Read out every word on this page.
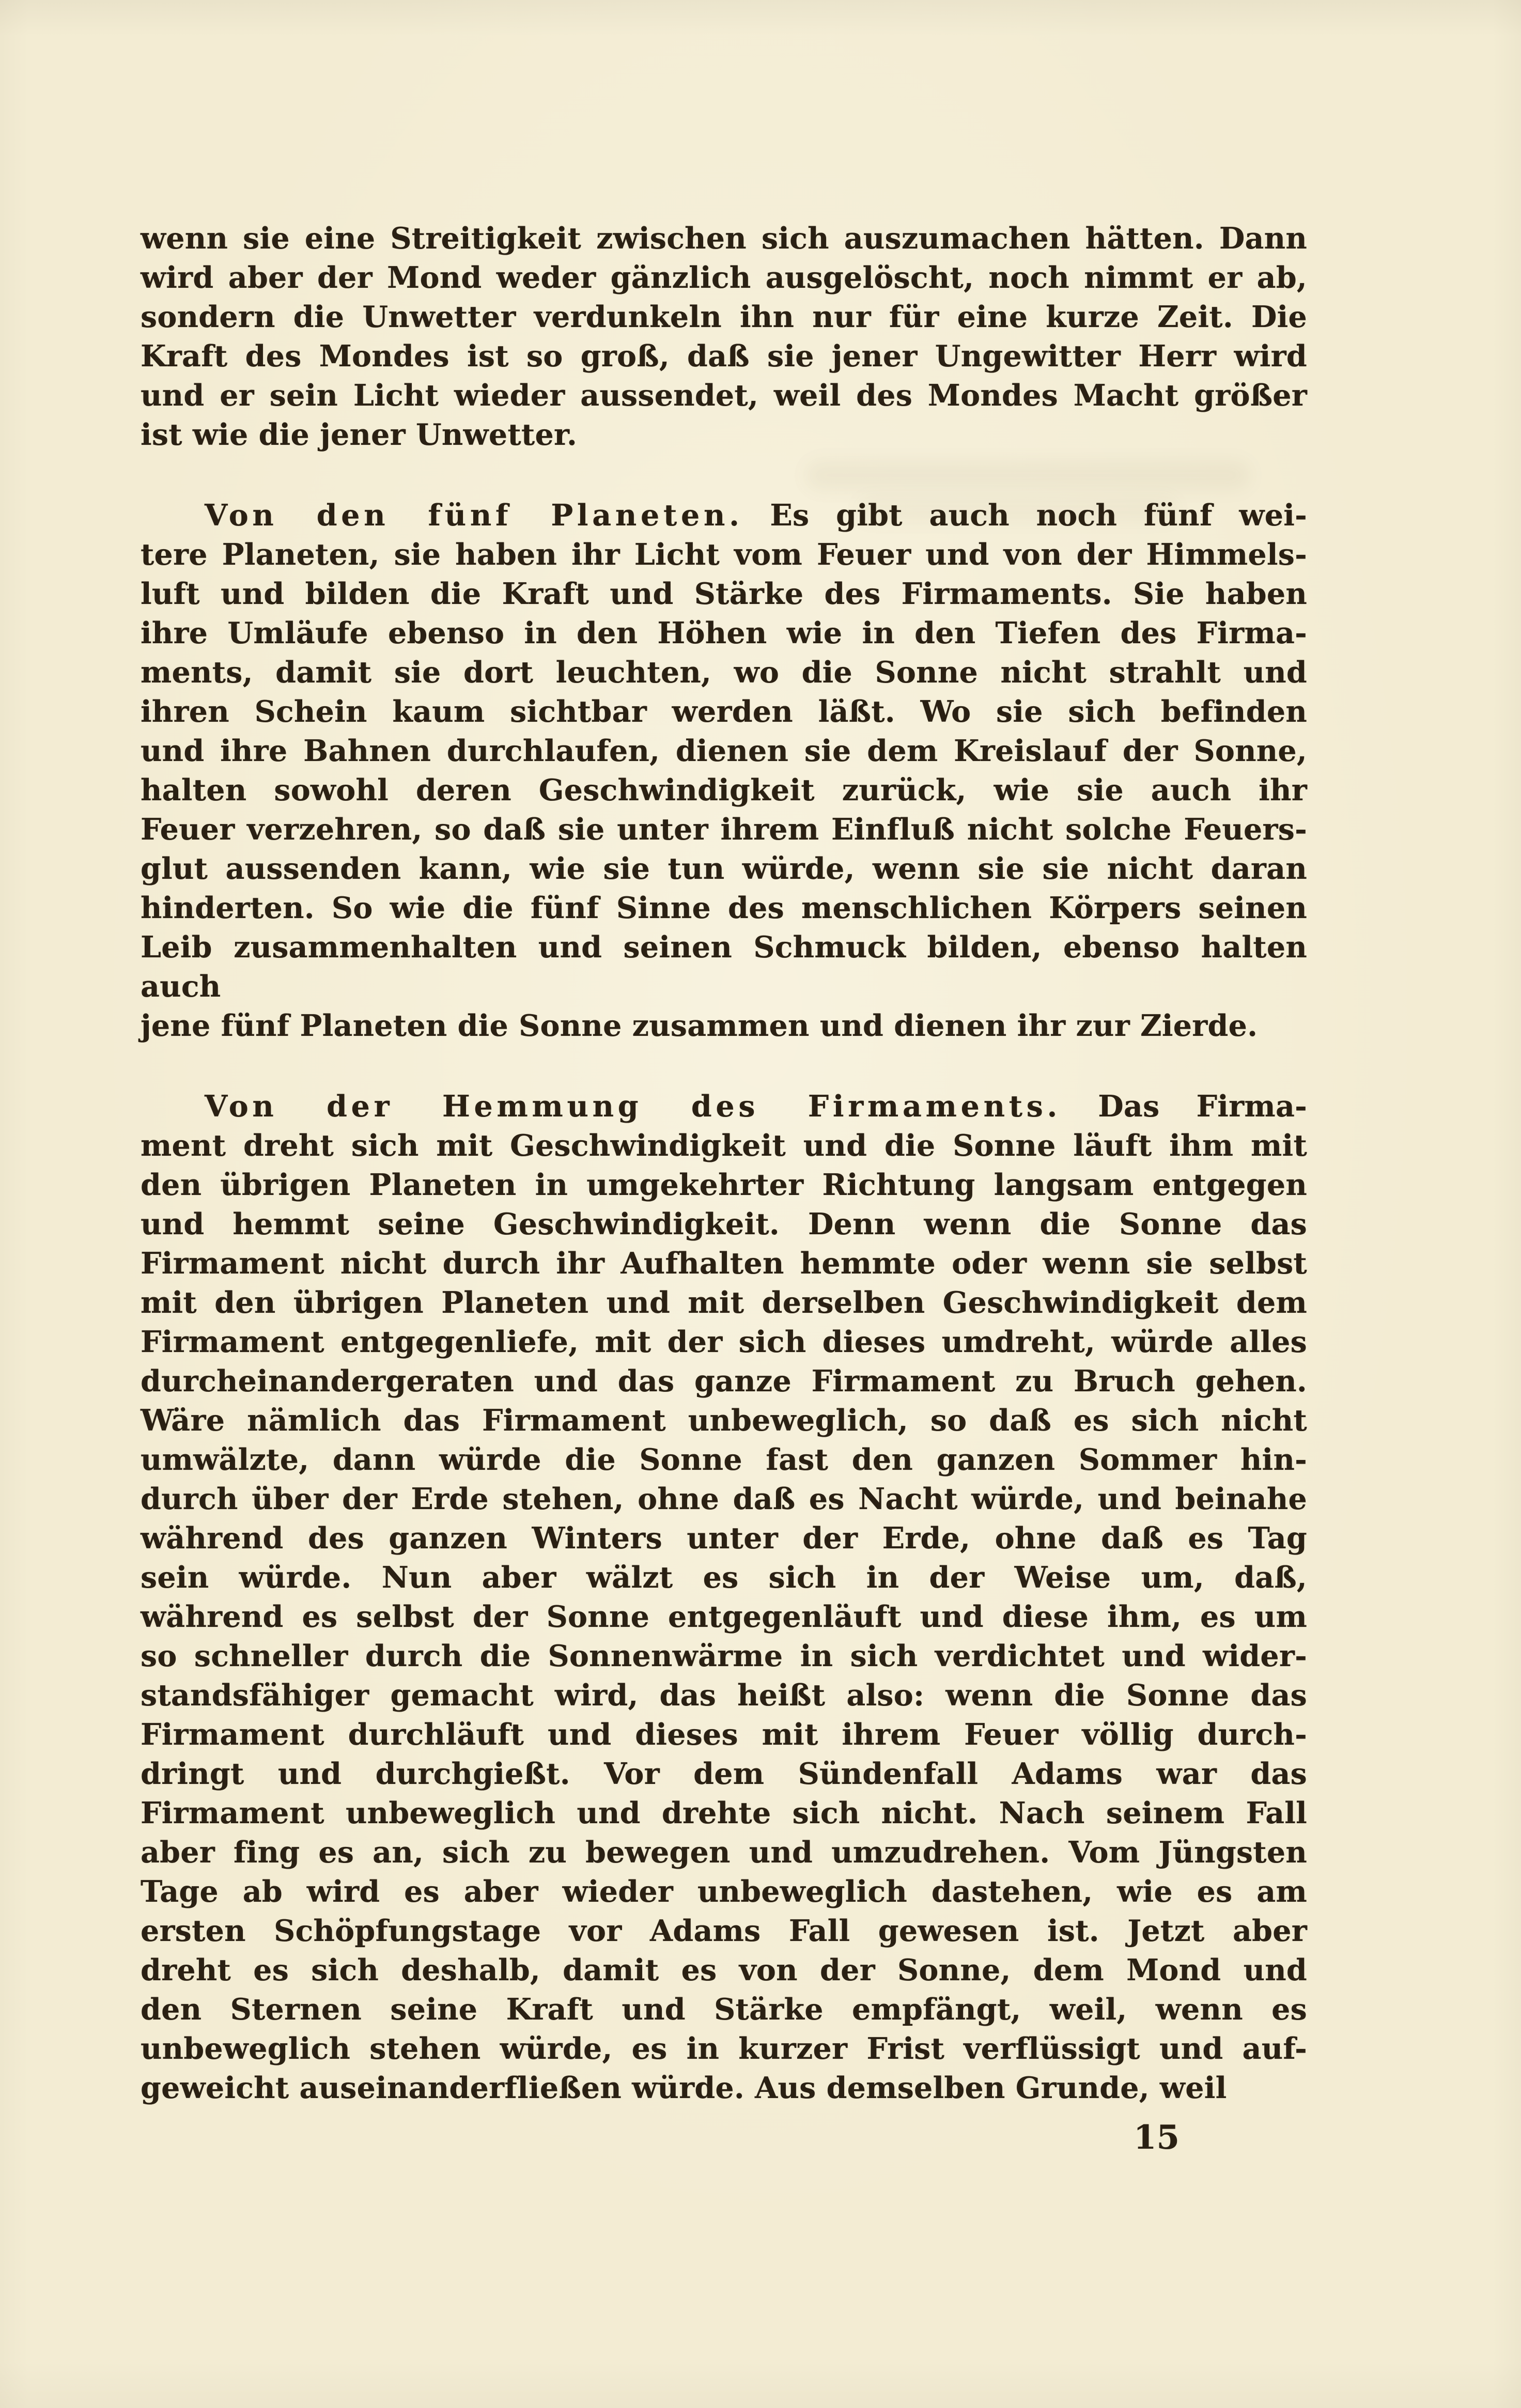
wenn sie eine Streitigkeit zwischen sich auszumachen hätten. Dann
wird aber der Mond weder gänzlich ausgelöscht, noch nimmt er ab,
sondern die Unwetter verdunkeln ihn nur für eine kurze Zeit. Die
Kraft des Mondes ist so groß, daß sie jener Ungewitter Herr wird
und er sein Licht wieder aussendet, weil des Mondes Macht größer
ist wie die jener Unwetter.
Von den fünf Planeten. Es gibt auch noch fünf wei-
tere Planeten, sie haben ihr Licht vom Feuer und von der Himmels-
luft und bilden die Kraft und Stärke des Firmaments. Sie haben
ihre Umläufe ebenso in den Höhen wie in den Tiefen des Firma-
ments, damit sie dort leuchten, wo die Sonne nicht strahlt und
ihren Schein kaum sichtbar werden läßt. Wo sie sich befinden
und ihre Bahnen durchlaufen, dienen sie dem Kreislauf der Sonne,
halten sowohl deren Geschwindigkeit zurück, wie sie auch ihr
Feuer verzehren, so daß sie unter ihrem Einfluß nicht solche Feuers-
glut aussenden kann, wie sie tun würde, wenn sie sie nicht daran
hinderten. So wie die fünf Sinne des menschlichen Körpers seinen
Leib zusammenhalten und seinen Schmuck bilden, ebenso halten auch
jene fünf Planeten die Sonne zusammen und dienen ihr zur Zierde.
Von der Hemmung des Firmaments. Das Firma-
ment dreht sich mit Geschwindigkeit und die Sonne läuft ihm mit
den übrigen Planeten in umgekehrter Richtung langsam entgegen
und hemmt seine Geschwindigkeit. Denn wenn die Sonne das
Firmament nicht durch ihr Aufhalten hemmte oder wenn sie selbst
mit den übrigen Planeten und mit derselben Geschwindigkeit dem
Firmament entgegenliefe, mit der sich dieses umdreht, würde alles
durcheinandergeraten und das ganze Firmament zu Bruch gehen.
Wäre nämlich das Firmament unbeweglich, so daß es sich nicht
umwälzte, dann würde die Sonne fast den ganzen Sommer hin-
durch über der Erde stehen, ohne daß es Nacht würde, und beinahe
während des ganzen Winters unter der Erde, ohne daß es Tag
sein würde. Nun aber wälzt es sich in der Weise um, daß,
während es selbst der Sonne entgegenläuft und diese ihm, es um
so schneller durch die Sonnenwärme in sich verdichtet und wider-
standsfähiger gemacht wird, das heißt also: wenn die Sonne das
Firmament durchläuft und dieses mit ihrem Feuer völlig durch-
dringt und durchgießt. Vor dem Sündenfall Adams war das
Firmament unbeweglich und drehte sich nicht. Nach seinem Fall
aber fing es an, sich zu bewegen und umzudrehen. Vom Jüngsten
Tage ab wird es aber wieder unbeweglich dastehen, wie es am
ersten Schöpfungstage vor Adams Fall gewesen ist. Jetzt aber
dreht es sich deshalb, damit es von der Sonne, dem Mond und
den Sternen seine Kraft und Stärke empfängt, weil, wenn es
unbeweglich stehen würde, es in kurzer Frist verflüssigt und auf-
geweicht auseinanderfließen würde. Aus demselben Grunde, weil
15
